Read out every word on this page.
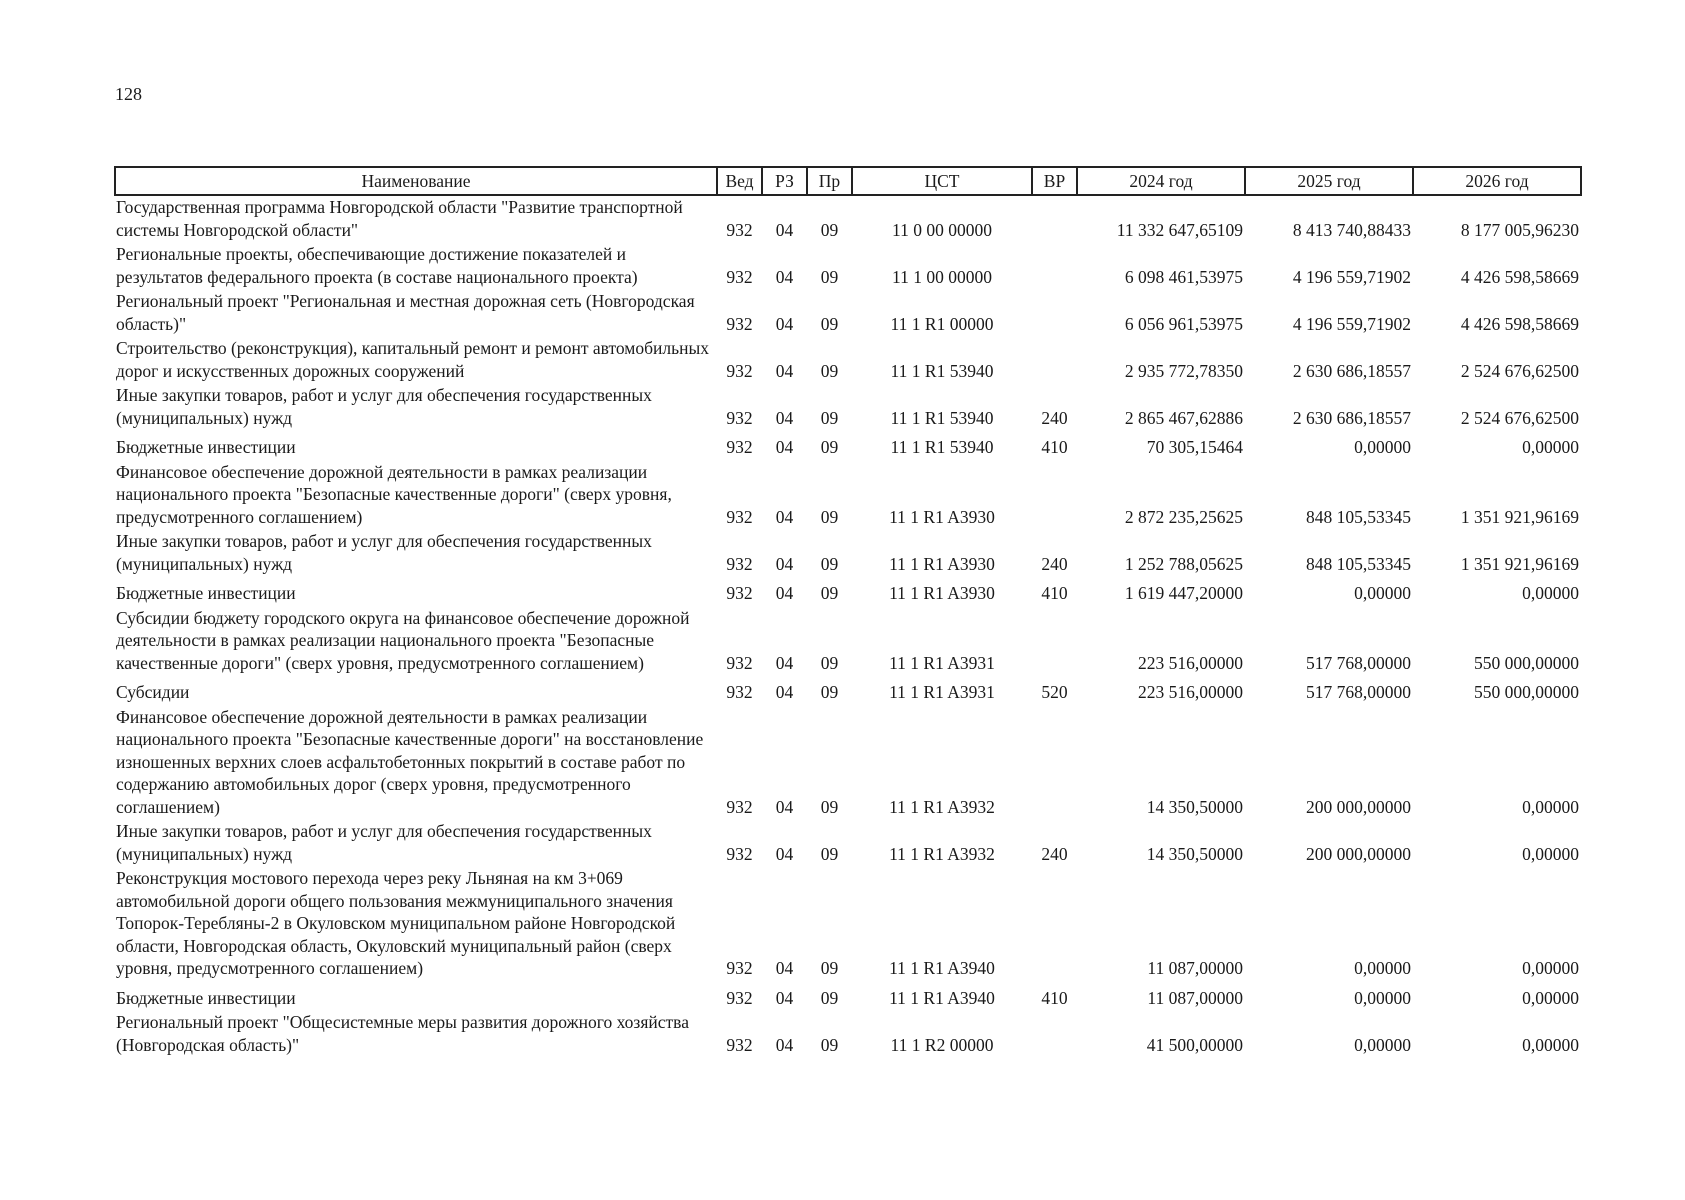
128
Наименование	Вед	РЗ	Пр	ЦСТ	ВР	2024 год	2025 год	2026 год
Государственная программа Новгородской области "Развитие транспортной системы Новгородской области"	932	04	09	11 0 00 00000		11 332 647,65109	8 413 740,88433	8 177 005,96230
Региональные проекты, обеспечивающие достижение показателей и результатов федерального проекта (в составе национального проекта)	932	04	09	11 1 00 00000		6 098 461,53975	4 196 559,71902	4 426 598,58669
Региональный проект "Региональная и местная дорожная сеть (Новгородская область)"	932	04	09	11 1 R1 00000		6 056 961,53975	4 196 559,71902	4 426 598,58669
Строительство (реконструкция), капитальный ремонт и ремонт автомобильных дорог и искусственных дорожных сооружений	932	04	09	11 1 R1 53940		2 935 772,78350	2 630 686,18557	2 524 676,62500
Иные закупки товаров, работ и услуг для обеспечения государственных (муниципальных) нужд	932	04	09	11 1 R1 53940	240	2 865 467,62886	2 630 686,18557	2 524 676,62500
Бюджетные инвестиции	932	04	09	11 1 R1 53940	410	70 305,15464	0,00000	0,00000
Финансовое обеспечение дорожной деятельности в рамках реализации национального проекта "Безопасные качественные дороги" (сверх уровня, предусмотренного соглашением)	932	04	09	11 1 R1 A3930		2 872 235,25625	848 105,53345	1 351 921,96169
Иные закупки товаров, работ и услуг для обеспечения государственных (муниципальных) нужд	932	04	09	11 1 R1 A3930	240	1 252 788,05625	848 105,53345	1 351 921,96169
Бюджетные инвестиции	932	04	09	11 1 R1 A3930	410	1 619 447,20000	0,00000	0,00000
Субсидии бюджету городского округа на финансовое обеспечение дорожной деятельности в рамках реализации национального проекта "Безопасные качественные дороги" (сверх уровня, предусмотренного соглашением)	932	04	09	11 1 R1 A3931		223 516,00000	517 768,00000	550 000,00000
Субсидии	932	04	09	11 1 R1 A3931	520	223 516,00000	517 768,00000	550 000,00000
Финансовое обеспечение дорожной деятельности в рамках реализации национального проекта "Безопасные качественные дороги" на восстановление изношенных верхних слоев асфальтобетонных покрытий в составе работ по содержанию автомобильных дорог (сверх уровня, предусмотренного соглашением)	932	04	09	11 1 R1 A3932		14 350,50000	200 000,00000	0,00000
Иные закупки товаров, работ и услуг для обеспечения государственных (муниципальных) нужд	932	04	09	11 1 R1 A3932	240	14 350,50000	200 000,00000	0,00000
Реконструкция мостового перехода через реку Льняная на км 3+069 автомобильной дороги общего пользования межмуниципального значения Топорок-Теребляны-2 в Окуловском муниципальном районе Новгородской области, Новгородская область, Окуловский муниципальный район (сверх уровня, предусмотренного соглашением)	932	04	09	11 1 R1 A3940		11 087,00000	0,00000	0,00000
Бюджетные инвестиции	932	04	09	11 1 R1 A3940	410	11 087,00000	0,00000	0,00000
Региональный проект "Общесистемные меры развития дорожного хозяйства (Новгородская область)"	932	04	09	11 1 R2 00000		41 500,00000	0,00000	0,00000
